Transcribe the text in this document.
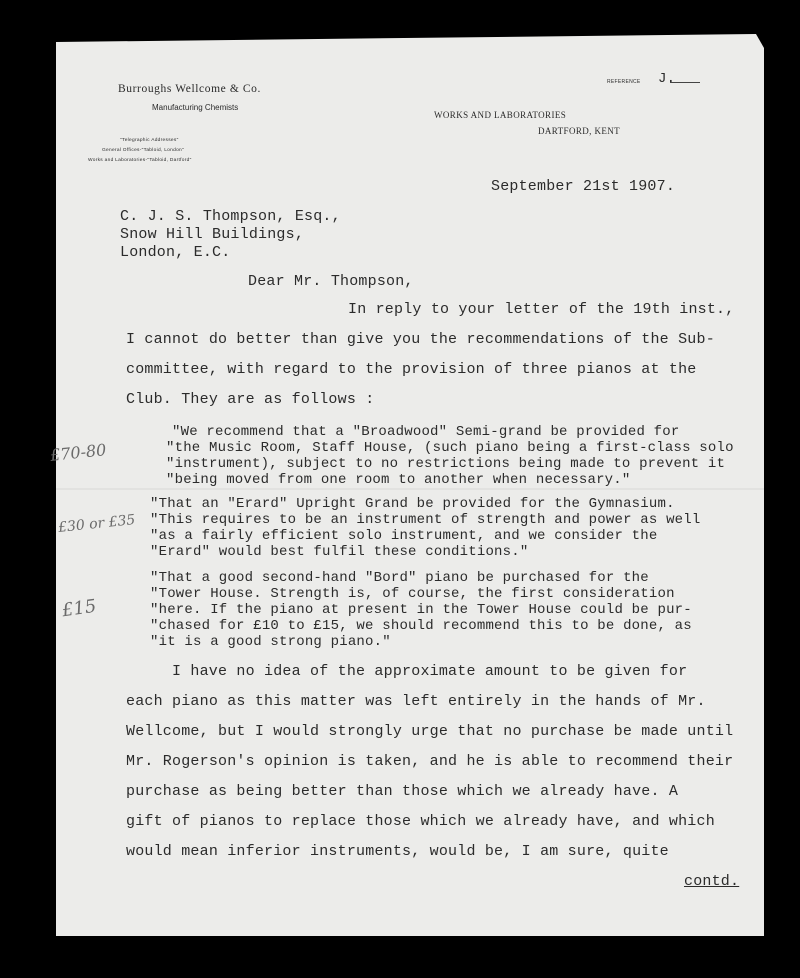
Burroughs Wellcome & Co.
Manufacturing Chemists
"Telegraphic Addresses"
General Offices-"Tabloid, London"
Works and Laboratories-"Tabloid, Dartford"
WORKS AND LABORATORIES
DARTFORD, KENT
REFERENCE J.
September 21st 1907.
C. J. S. Thompson, Esq.,
Snow Hill Buildings,
London, E.C.
Dear Mr. Thompson,
In reply to your letter of the 19th inst.,
I cannot do better than give you the recommendations of the Sub-
committee, with regard to the provision of three pianos at the
Club. They are as follows :
"We recommend that a "Broadwood" Semi-grand be provided for
"the Music Room, Staff House, (such piano being a first-class solo
"instrument), subject to no restrictions being made to prevent it
"being moved from one room to another when necessary."
"That an "Erard" Upright Grand be provided for the Gymnasium.
"This requires to be an instrument of strength and power as well
"as a fairly efficient solo instrument, and we consider the
"Erard" would best fulfil these conditions."
"That a good second-hand "Bord" piano be purchased for the
"Tower House. Strength is, of course, the first consideration
"here. If the piano at present in the Tower House could be pur-
"chased for £10 to £15, we should recommend this to be done, as
"it is a good strong piano."
I have no idea of the approximate amount to be given for
each piano as this matter was left entirely in the hands of Mr.
Wellcome, but I would strongly urge that no purchase be made until
Mr. Rogerson's opinion is taken, and he is able to recommend their
purchase as being better than those which we already have. A
gift of pianos to replace those which we already have, and which
would mean inferior instruments, would be, I am sure, quite
contd.
£70-80
£30 or £35
£15
